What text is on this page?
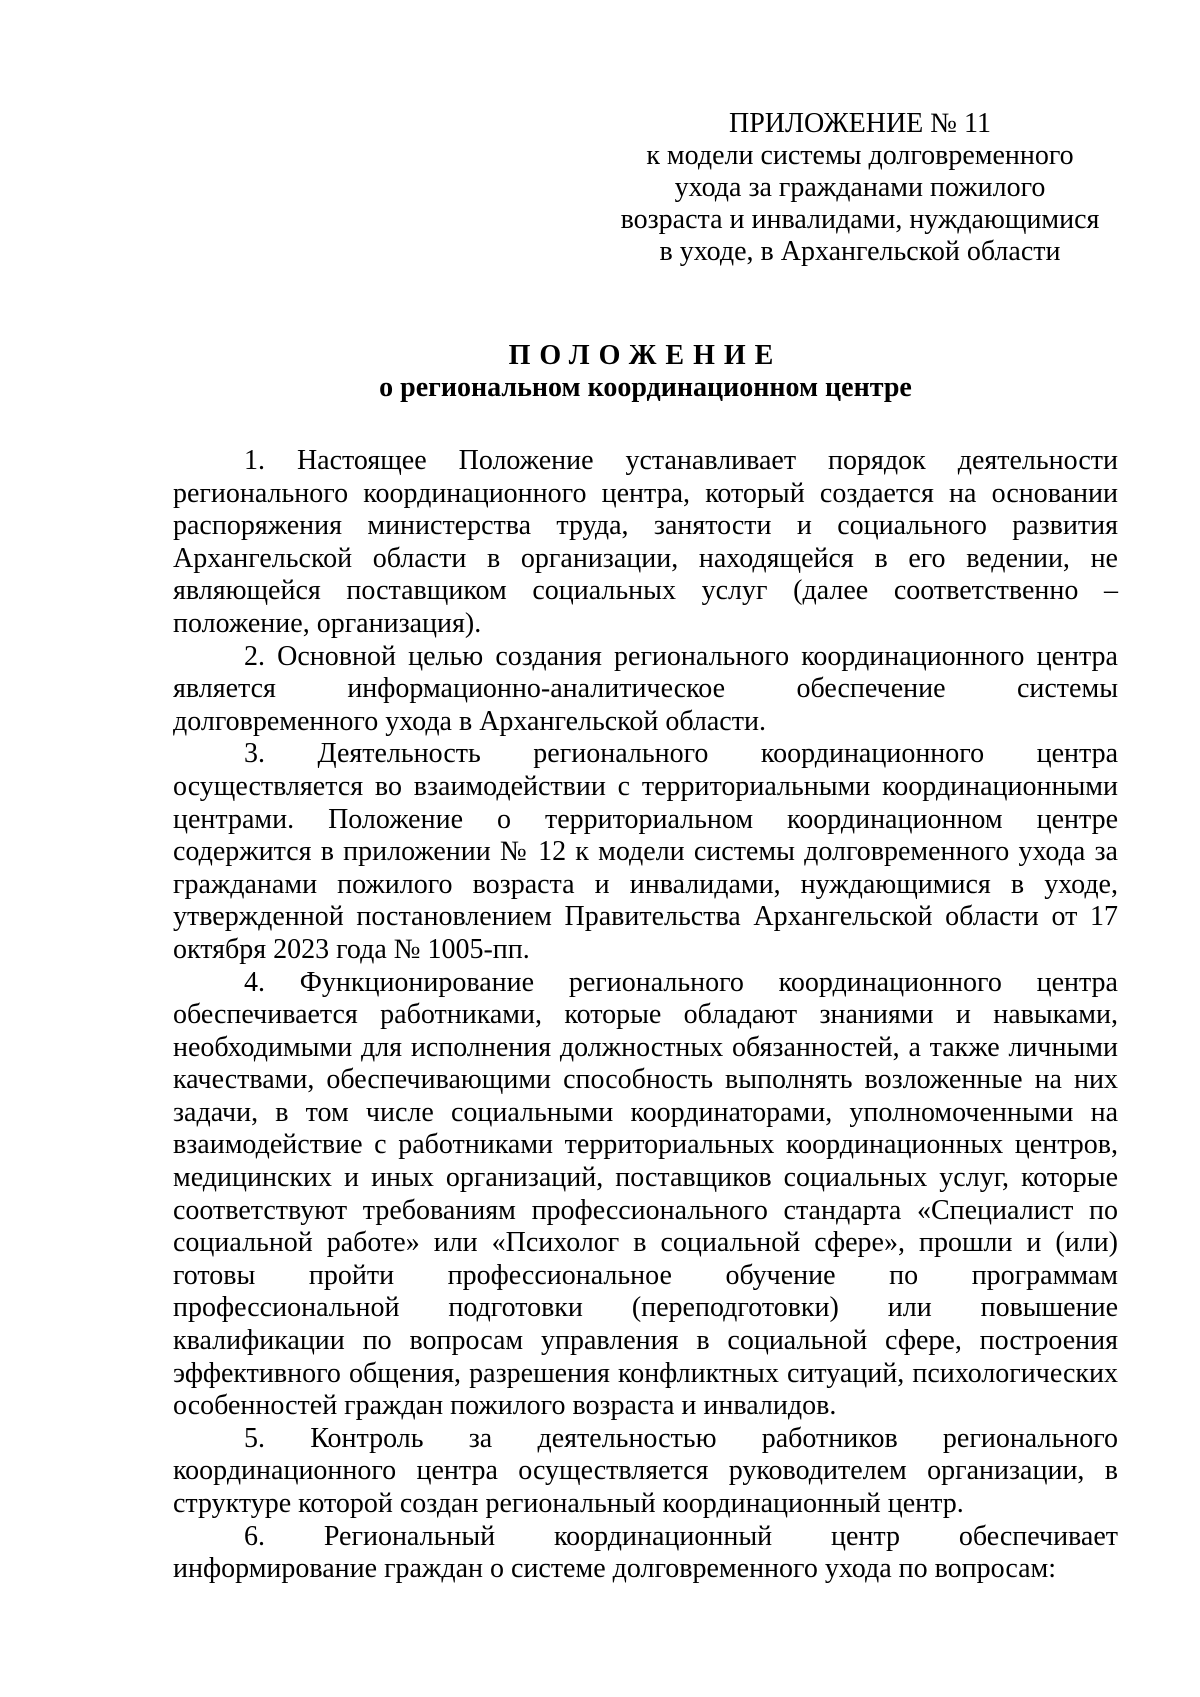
ПРИЛОЖЕНИЕ № 11
к модели системы долговременного
ухода за гражданами пожилого
возраста и инвалидами, нуждающимися
в уходе, в Архангельской области
ПОЛОЖЕНИЕ
о региональном координационном центре

1. Настоящее Положение устанавливает порядок деятельности регионального координационного центра, который создается на основании распоряжения министерства труда, занятости и социального развития Архангельской области в организации, находящейся в его ведении, не являющейся поставщиком социальных услуг (далее соответственно – положение, организация).

2. Основной целью создания регионального координационного центра является информационно-аналитическое обеспечение системы долговременного ухода в Архангельской области.

3. Деятельность регионального координационного центра осуществляется во взаимодействии с территориальными координационными центрами. Положение о территориальном координационном центре содержится в приложении № 12 к модели системы долговременного ухода за гражданами пожилого возраста и инвалидами, нуждающимися в уходе, утвержденной постановлением Правительства Архангельской области от 17 октября 2023 года № 1005-пп.

4. Функционирование регионального координационного центра обеспечивается работниками, которые обладают знаниями и навыками, необходимыми для исполнения должностных обязанностей, а также личными качествами, обеспечивающими способность выполнять возложенные на них задачи, в том числе социальными координаторами, уполномоченными на взаимодействие с работниками территориальных координационных центров, медицинских и иных организаций, поставщиков социальных услуг, которые соответствуют требованиям профессионального стандарта «Специалист по социальной работе» или «Психолог в социальной сфере», прошли и (или) готовы пройти профессиональное обучение по программам профессиональной подготовки (переподготовки) или повышение квалификации по вопросам управления в социальной сфере, построения эффективного общения, разрешения конфликтных ситуаций, психологических особенностей граждан пожилого возраста и инвалидов.

5. Контроль за деятельностью работников регионального координационного центра осуществляется руководителем организации, в структуре которой создан региональный координационный центр.

6. Региональный координационный центр обеспечивает информирование граждан о системе долговременного ухода по вопросам:
